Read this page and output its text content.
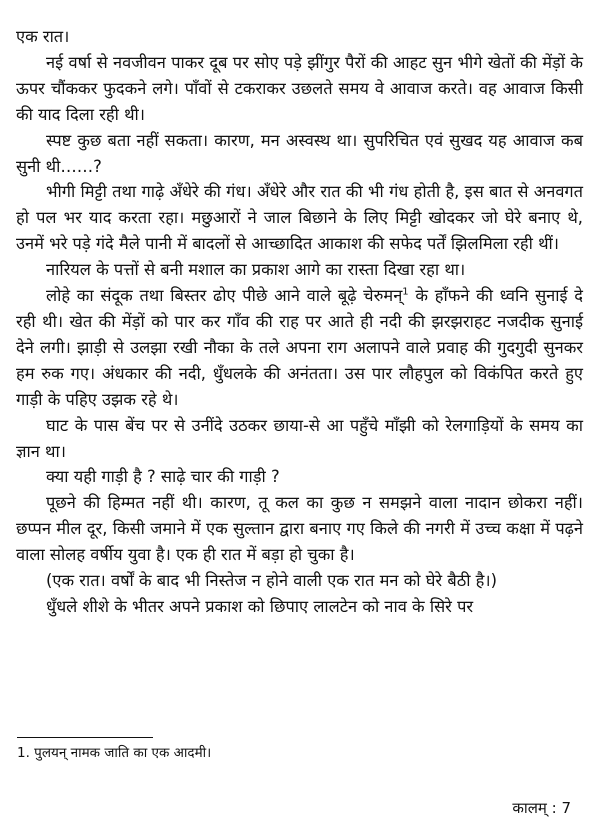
एक रात।

नई वर्षा से नवजीवन पाकर दूब पर सोए पड़े झींगुर पैरों की आहट सुन भीगे खेतों की मेंड़ों के ऊपर चौंककर फुदकने लगे। पाँवों से टकराकर उछलते समय वे आवाज करते। वह आवाज किसी की याद दिला रही थी।

स्पष्ट कुछ बता नहीं सकता। कारण, मन अस्वस्थ था। सुपरिचित एवं सुखद यह आवाज कब सुनी थी……?

भीगी मिट्टी तथा गाढ़े अँधेरे की गंध। अँधेरे और रात की भी गंध होती है, इस बात से अनवगत हो पल भर याद करता रहा। मछुआरों ने जाल बिछाने के लिए मिट्टी खोदकर जो घेरे बनाए थे, उनमें भरे पड़े गंदे मैले पानी में बादलों से आच्छादित आकाश की सफेद पर्तें झिलमिला रही थीं।

नारियल के पत्तों से बनी मशाल का प्रकाश आगे का रास्ता दिखा रहा था।

लोहे का संदूक तथा बिस्तर ढोए पीछे आने वाले बूढ़े चेरुमन्$^1$ के हाँफने की ध्वनि सुनाई दे रही थी। खेत की मेंड़ों को पार कर गाँव की राह पर आते ही नदी की झरझराहट नजदीक सुनाई देने लगी। झाड़ी से उलझा रखी नौका के तले अपना राग अलापने वाले प्रवाह की गुदगुदी सुनकर हम रुक गए। अंधकार की नदी, धुँधलके की अनंतता। उस पार लौहपुल को विकंपित करते हुए गाड़ी के पहिए उझक रहे थे।

घाट के पास बेंच पर से उनींदे उठकर छाया-से आ पहुँचे माँझी को रेलगाड़ियों के समय का ज्ञान था।

क्या यही गाड़ी है ? साढ़े चार की गाड़ी ?

पूछने की हिम्मत नहीं थी। कारण, तू कल का कुछ न समझने वाला नादान छोकरा नहीं। छप्पन मील दूर, किसी जमाने में एक सुल्तान द्वारा बनाए गए किले की नगरी में उच्च कक्षा में पढ़ने वाला सोलह वर्षीय युवा है। एक ही रात में बड़ा हो चुका है।

(एक रात। वर्षों के बाद भी निस्तेज न होने वाली एक रात मन को घेरे बैठी है।)

धुँधले शीशे के भीतर अपने प्रकाश को छिपाए लालटेन को नाव के सिरे पर

1. पुलयन् नामक जाति का एक आदमी।
कालम् : 7
